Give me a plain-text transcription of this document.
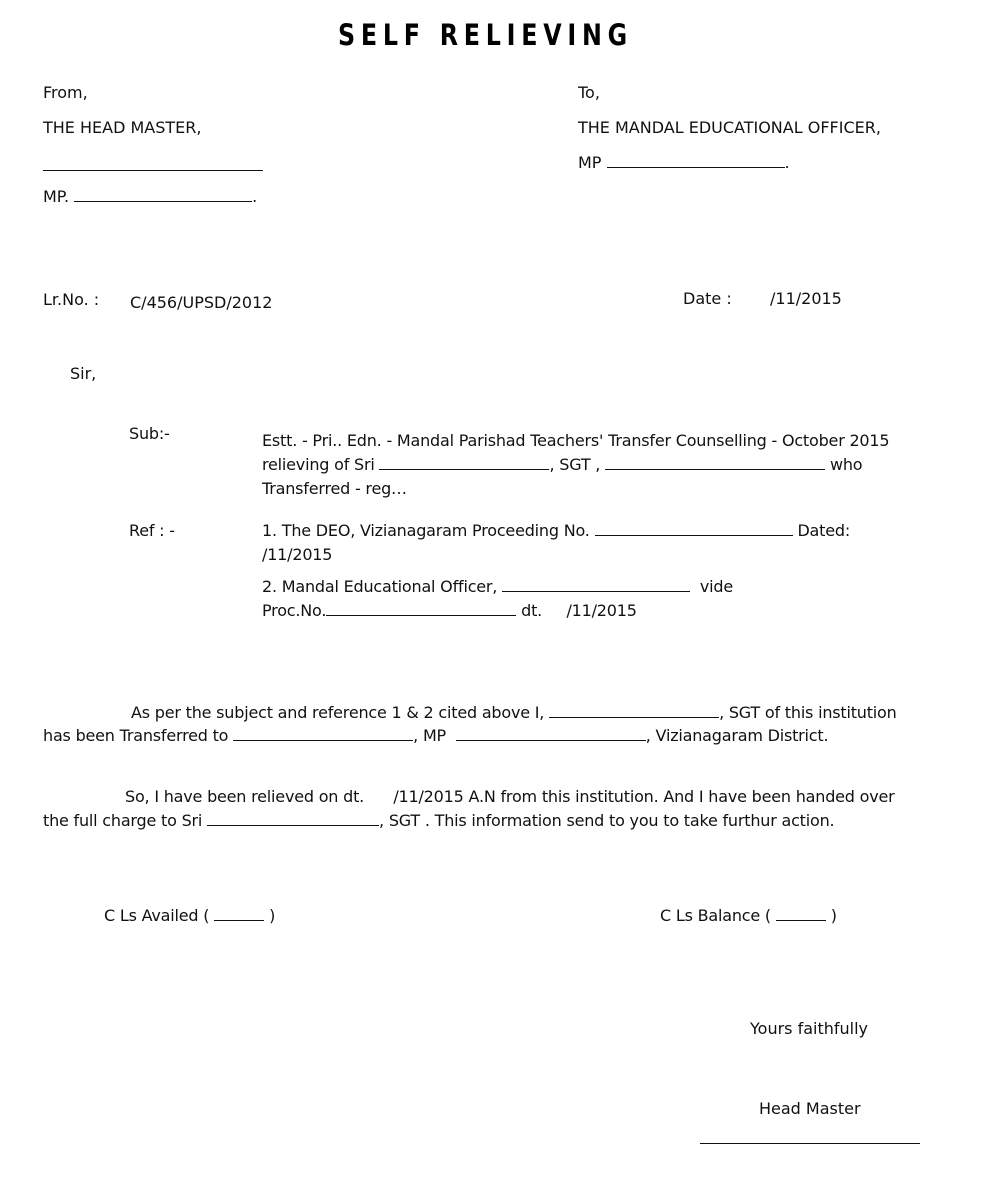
SELF RELIEVING
From,
THE HEAD MASTER,
MP.	.
To,
THE MANDAL EDUCATIONAL OFFICER,
MP	.
Lr.No. : C/456/UPSD/2012	Date : /11/2015
Sir,
Sub:-	Estt. - Pri.. Edn. - Mandal Parishad Teachers' Transfer Counselling - October 2015
relieving of Sri	, SGT ,	who
Transferred - reg…
Ref : -	1. The DEO, Vizianagaram Proceeding No.	Dated:
/11/2015
2. Mandal Educational Officer,	vide
Proc.No.	dt.     /11/2015
As per the subject and reference 1 & 2 cited above I,	, SGT of this institution
has been Transferred to	, MP	, Vizianagaram District.
So, I have been relieved on dt.      /11/2015 A.N from this institution. And I have been handed over
the full charge to Sri	, SGT . This information send to you to take furthur action.
C Ls Availed (	)	C Ls Balance (	)
Yours faithfully
Head Master
